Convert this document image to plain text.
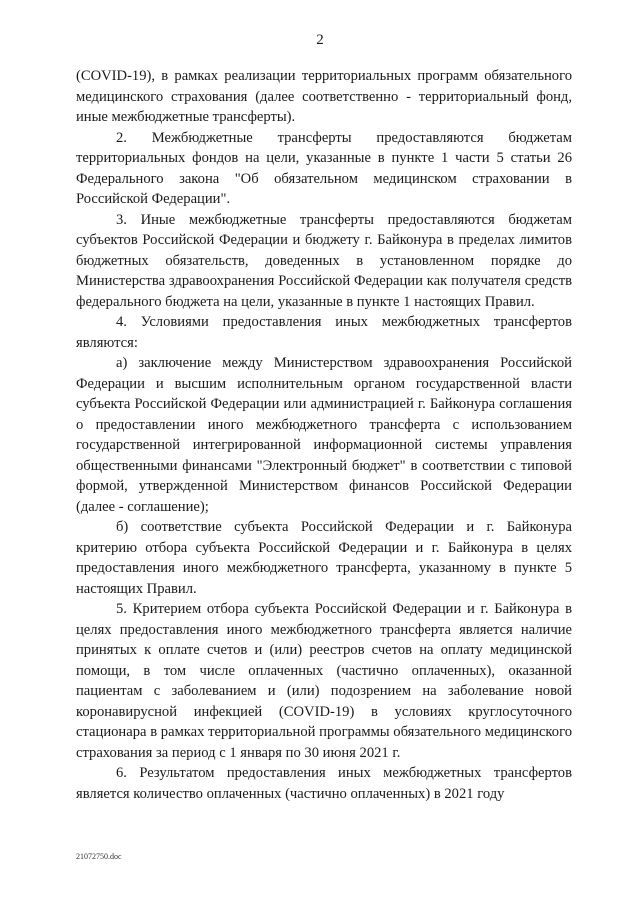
2

(COVID-19), в рамках реализации территориальных программ обязательного медицинского страхования (далее соответственно - территориальный фонд, иные межбюджетные трансферты).

2. Межбюджетные трансферты предоставляются бюджетам территориальных фондов на цели, указанные в пункте 1 части 5 статьи 26 Федерального закона "Об обязательном медицинском страховании в Российской Федерации".

3. Иные межбюджетные трансферты предоставляются бюджетам субъектов Российской Федерации и бюджету г. Байконура в пределах лимитов бюджетных обязательств, доведенных в установленном порядке до Министерства здравоохранения Российской Федерации как получателя средств федерального бюджета на цели, указанные в пункте 1 настоящих Правил.

4. Условиями предоставления иных межбюджетных трансфертов являются:

а) заключение между Министерством здравоохранения Российской Федерации и высшим исполнительным органом государственной власти субъекта Российской Федерации или администрацией г. Байконура соглашения о предоставлении иного межбюджетного трансферта с использованием государственной интегрированной информационной системы управления общественными финансами "Электронный бюджет" в соответствии с типовой формой, утвержденной Министерством финансов Российской Федерации (далее - соглашение);

б) соответствие субъекта Российской Федерации и г. Байконура критерию отбора субъекта Российской Федерации и г. Байконура в целях предоставления иного межбюджетного трансферта, указанному в пункте 5 настоящих Правил.

5. Критерием отбора субъекта Российской Федерации и г. Байконура в целях предоставления иного межбюджетного трансферта является наличие принятых к оплате счетов и (или) реестров счетов на оплату медицинской помощи, в том числе оплаченных (частично оплаченных), оказанной пациентам с заболеванием и (или) подозрением на заболевание новой коронавирусной инфекцией (COVID-19) в условиях круглосуточного стационара в рамках территориальной программы обязательного медицинского страхования за период с 1 января по 30 июня 2021 г.

6. Результатом предоставления иных межбюджетных трансфертов является количество оплаченных (частично оплаченных) в 2021 году

21072750.doc
